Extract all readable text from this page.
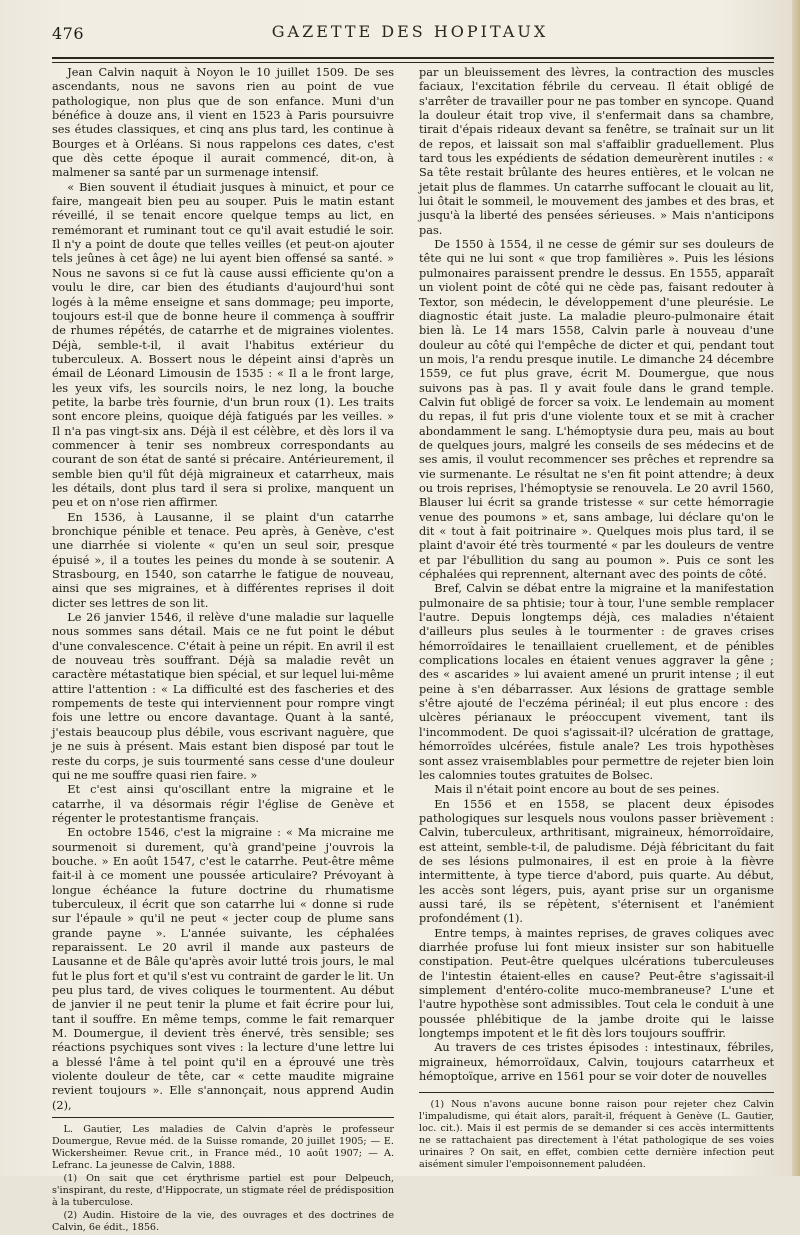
476	GAZETTE DES HOPITAUX

Jean Calvin naquit à Noyon le 10 juillet 1509. De ses ascendants, nous ne savons rien au point de vue pathologique, non plus que de son enfance. Muni d'un bénéfice à douze ans, il vient en 1523 à Paris poursuivre ses études classiques, et cinq ans plus tard, les continue à Bourges et à Orléans. Si nous rappelons ces dates, c'est que dès cette époque il aurait commencé, dit-on, à malmener sa santé par un surmenage intensif.

« Bien souvent il étudiait jusques à minuict, et pour ce faire, mangeait bien peu au souper. Puis le matin estant réveillé, il se tenait encore quelque temps au lict, en remémorant et ruminant tout ce qu'il avait estudié le soir. Il n'y a point de doute que telles veilles (et peut-on ajouter tels jeûnes à cet âge) ne lui ayent bien offensé sa santé. » Nous ne savons si ce fut là cause aussi efficiente qu'on a voulu le dire, car bien des étudiants d'aujourd'hui sont logés à la même enseigne et sans dommage; peu importe, toujours est-il que de bonne heure il commença à souffrir de rhumes répétés, de catarrhe et de migraines violentes. Déjà, semble-t-il, il avait l'habitus extérieur du tuberculeux. A. Bossert nous le dépeint ainsi d'après un émail de Léonard Limousin de 1535 : « Il a le front large, les yeux vifs, les sourcils noirs, le nez long, la bouche petite, la barbe très fournie, d'un brun roux (1). Les traits sont encore pleins, quoique déjà fatigués par les veilles. » Il n'a pas vingt-six ans. Déjà il est célèbre, et dès lors il va commencer à tenir ses nombreux correspondants au courant de son état de santé si précaire. Antérieurement, il semble bien qu'il fût déjà migraineux et catarrheux, mais les détails, dont plus tard il sera si prolixe, manquent un peu et on n'ose rien affirmer.

En 1536, à Lausanne, il se plaint d'un catarrhe bronchique pénible et tenace. Peu après, à Genève, c'est une diarrhée si violente « qu'en un seul soir, presque épuisé », il a toutes les peines du monde à se soutenir. A Strasbourg, en 1540, son catarrhe le fatigue de nouveau, ainsi que ses migraines, et à différentes reprises il doit dicter ses lettres de son lit.

Le 26 janvier 1546, il relève d'une maladie sur laquelle nous sommes sans détail. Mais ce ne fut point le début d'une convalescence. C'était à peine un répit. En avril il est de nouveau très souffrant. Déjà sa maladie revêt un caractère métastatique bien spécial, et sur lequel lui-même attire l'attention : « La difficulté est des fascheries et des rompements de teste qui interviennent pour rompre vingt fois une lettre ou encore davantage. Quant à la santé, j'estais beaucoup plus débile, vous escrivant naguère, que je ne suis à présent. Mais estant bien disposé par tout le reste du corps, je suis tourmenté sans cesse d'une douleur qui ne me souffre quasi rien faire. »

Et c'est ainsi qu'oscillant entre la migraine et le catarrhe, il va désormais régir l'église de Genève et régenter le protestantisme français.

En octobre 1546, c'est la migraine : « Ma micraine me sourmenoit si durement, qu'à grand'peine j'ouvrois la bouche. » En août 1547, c'est le catarrhe. Peut-être même fait-il à ce moment une poussée articulaire? Prévoyant à longue échéance la future doctrine du rhumatisme tuberculeux, il écrit que son catarrhe lui « donne si rude sur l'épaule » qu'il ne peut « jecter coup de plume sans grande payne ». L'année suivante, les céphalées reparaissent. Le 20 avril il mande aux pasteurs de Lausanne et de Bâle qu'après avoir lutté trois jours, le mal fut le plus fort et qu'il s'est vu contraint de garder le lit. Un peu plus tard, de vives coliques le tourmentent. Au début de janvier il ne peut tenir la plume et fait écrire pour lui, tant il souffre. En même temps, comme le fait remarquer M. Doumergue, il devient très énervé, très sensible; ses réactions psychiques sont vives : la lecture d'une lettre lui a blessé l'âme à tel point qu'il en a éprouvé une très violente douleur de tête, car « cette maudite migraine revient toujours ». Elle s'annonçait, nous apprend Audin (2),

L. Gautier, Les maladies de Calvin d'après le professeur Doumergue, Revue méd. de la Suisse romande, 20 juillet 1905; — E. Wickersheimer. Revue crit., in France méd., 10 août 1907; — A. Lefranc. La jeunesse de Calvin, 1888.

(1) On sait que cet érythrisme partiel est pour Delpeuch, s'inspirant, du reste, d'Hippocrate, un stigmate réel de prédisposition à la tuberculose.

(2) Audin. Histoire de la vie, des ouvrages et des doctrines de Calvin, 6e édit., 1856.

par un bleuissement des lèvres, la contraction des muscles faciaux, l'excitation fébrile du cerveau. Il était obligé de s'arrêter de travailler pour ne pas tomber en syncope. Quand la douleur était trop vive, il s'enfermait dans sa chambre, tirait d'épais rideaux devant sa fenêtre, se traînait sur un lit de repos, et laissait son mal s'affaiblir graduellement. Plus tard tous les expédients de sédation demeurèrent inutiles : « Sa tête restait brûlante des heures entières, et le volcan ne jetait plus de flammes. Un catarrhe suffocant le clouait au lit, lui ôtait le sommeil, le mouvement des jambes et des bras, et jusqu'à la liberté des pensées sérieuses. » Mais n'anticipons pas.

De 1550 à 1554, il ne cesse de gémir sur ses douleurs de tête qui ne lui sont « que trop familières ». Puis les lésions pulmonaires paraissent prendre le dessus. En 1555, apparaît un violent point de côté qui ne cède pas, faisant redouter à Textor, son médecin, le développement d'une pleurésie. Le diagnostic était juste. La maladie pleuro-pulmonaire était bien là. Le 14 mars 1558, Calvin parle à nouveau d'une douleur au côté qui l'empêche de dicter et qui, pendant tout un mois, l'a rendu presque inutile. Le dimanche 24 décembre 1559, ce fut plus grave, écrit M. Doumergue, que nous suivons pas à pas. Il y avait foule dans le grand temple. Calvin fut obligé de forcer sa voix. Le lendemain au moment du repas, il fut pris d'une violente toux et se mit à cracher abondamment le sang. L'hémoptysie dura peu, mais au bout de quelques jours, malgré les conseils de ses médecins et de ses amis, il voulut recommencer ses prêches et reprendre sa vie surmenante. Le résultat ne s'en fit point attendre; à deux ou trois reprises, l'hémoptysie se renouvela. Le 20 avril 1560, Blauser lui écrit sa grande tristesse « sur cette hémorragie venue des poumons » et, sans ambage, lui déclare qu'on le dit « tout à fait poitrinaire ». Quelques mois plus tard, il se plaint d'avoir été très tourmenté « par les douleurs de ventre et par l'ébullition du sang au poumon ». Puis ce sont les céphalées qui reprennent, alternant avec des points de côté.

Bref, Calvin se débat entre la migraine et la manifestation pulmonaire de sa phtisie; tour à tour, l'une semble remplacer l'autre. Depuis longtemps déjà, ces maladies n'étaient d'ailleurs plus seules à le tourmenter : de graves crises hémorroïdaires le tenaillaient cruellement, et de pénibles complications locales en étaient venues aggraver la gêne ; des « ascarides » lui avaient amené un prurit intense ; il eut peine à s'en débarrasser. Aux lésions de grattage semble s'être ajouté de l'eczéma périnéal; il eut plus encore : des ulcères périanaux le préoccupent vivement, tant ils l'incommodent. De quoi s'agissait-il? ulcération de grattage, hémorroïdes ulcérées, fistule anale? Les trois hypothèses sont assez vraisemblables pour permettre de rejeter bien loin les calomnies toutes gratuites de Bolsec.

Mais il n'était point encore au bout de ses peines.

En 1556 et en 1558, se placent deux épisodes pathologiques sur lesquels nous voulons passer brièvement : Calvin, tuberculeux, arthritisant, migraineux, hémorroïdaire, est atteint, semble-t-il, de paludisme. Déjà fébricitant du fait de ses lésions pulmonaires, il est en proie à la fièvre intermittente, à type tierce d'abord, puis quarte. Au début, les accès sont légers, puis, ayant prise sur un organisme aussi taré, ils se répètent, s'éternisent et l'anémient profondément (1).

Entre temps, à maintes reprises, de graves coliques avec diarrhée profuse lui font mieux insister sur son habituelle constipation. Peut-être quelques ulcérations tuberculeuses de l'intestin étaient-elles en cause? Peut-être s'agissait-il simplement d'entéro-colite muco-membraneuse? L'une et l'autre hypothèse sont admissibles. Tout cela le conduit à une poussée phlébitique de la jambe droite qui le laisse longtemps impotent et le fit dès lors toujours souffrir.

Au travers de ces tristes épisodes : intestinaux, fébriles, migraineux, hémorroïdaux, Calvin, toujours catarrheux et hémoptoïque, arrive en 1561 pour se voir doter de nouvelles

(1) Nous n'avons aucune bonne raison pour rejeter chez Calvin l'impaludisme, qui était alors, paraît-il, fréquent à Genève (L. Gautier, loc. cit.). Mais il est permis de se demander si ces accès intermittents ne se rattachaient pas directement à l'état pathologique de ses voies urinaires ? On sait, en effet, combien cette dernière infection peut aisément simuler l'empoisonnement paludéen.
